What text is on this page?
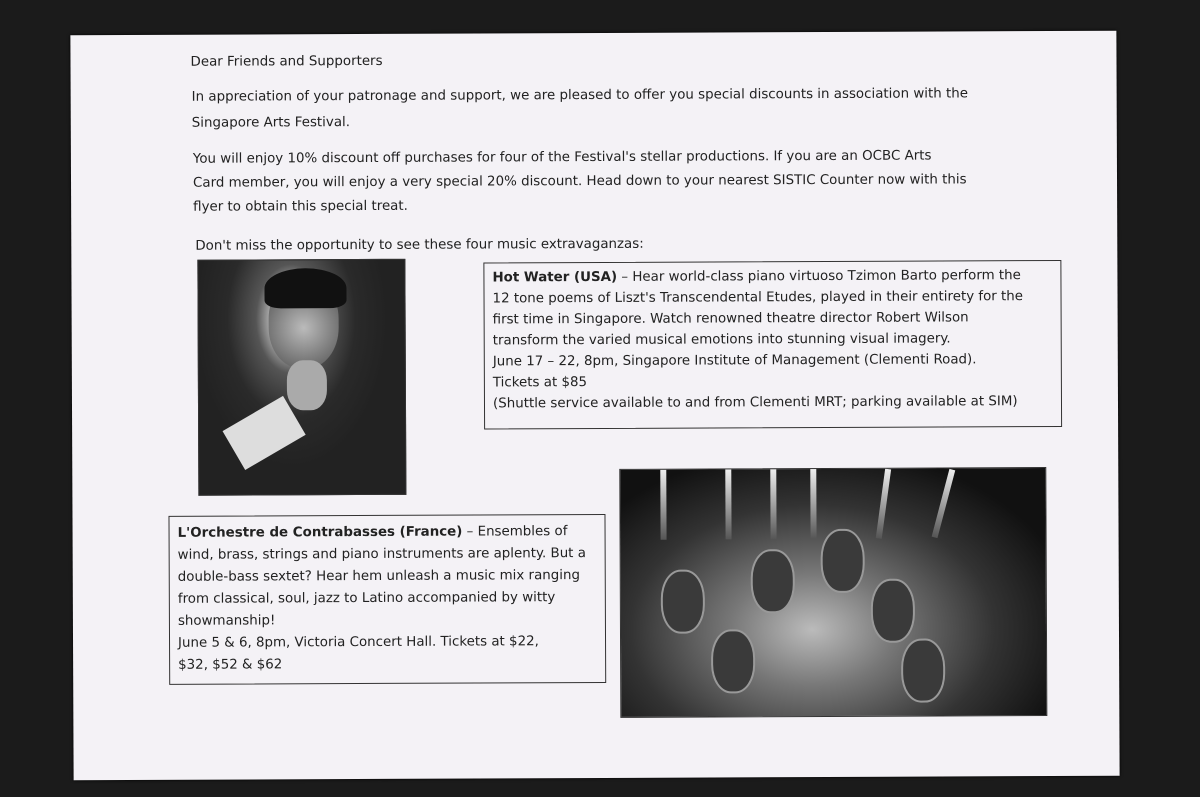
Dear Friends and Supporters
In appreciation of your patronage and support, we are pleased to offer you special discounts in association with the
Singapore Arts Festival.
You will enjoy 10% discount off purchases for four of the Festival's stellar productions. If you are an OCBC Arts
Card member, you will enjoy a very special 20% discount. Head down to your nearest SISTIC Counter now with this
flyer to obtain this special treat.
Don't miss the opportunity to see these four music extravaganzas:
Hot Water (USA) – Hear world-class piano virtuoso Tzimon Barto perform the
12 tone poems of Liszt's Transcendental Etudes, played in their entirety for the
first time in Singapore. Watch renowned theatre director Robert Wilson
transform the varied musical emotions into stunning visual imagery.
June 17 – 22, 8pm, Singapore Institute of Management (Clementi Road).
Tickets at $85
(Shuttle service available to and from Clementi MRT; parking available at SIM)
L'Orchestre de Contrabasses (France) – Ensembles of
wind, brass, strings and piano instruments are aplenty. But a
double-bass sextet? Hear hem unleash a music mix ranging
from classical, soul, jazz to Latino accompanied by witty
showmanship!
June 5 & 6, 8pm, Victoria Concert Hall. Tickets at $22,
$32, $52 & $62
